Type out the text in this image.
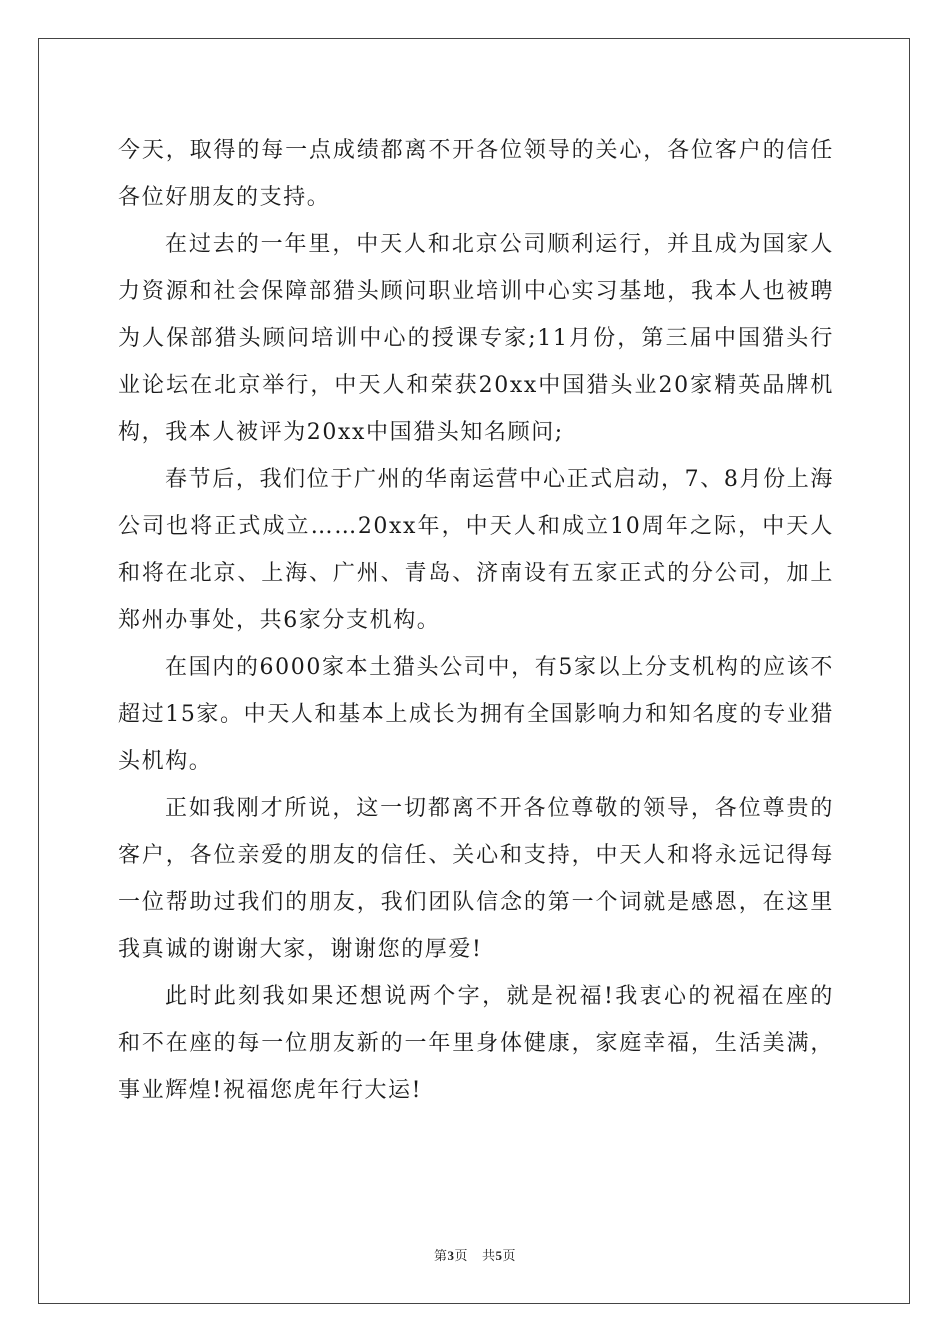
今天，取得的每一点成绩都离不开各位领导的关心，各位客户的信任各位好朋友的支持。

在过去的一年里，中天人和北京公司顺利运行，并且成为国家人力资源和社会保障部猎头顾问职业培训中心实习基地，我本人也被聘为人保部猎头顾问培训中心的授课专家;11月份，第三届中国猎头行业论坛在北京举行，中天人和荣获20xx中国猎头业20家精英品牌机构，我本人被评为20xx中国猎头知名顾问;

春节后，我们位于广州的华南运营中心正式启动，7、8月份上海公司也将正式成立……20xx年，中天人和成立10周年之际，中天人和将在北京、上海、广州、青岛、济南设有五家正式的分公司，加上郑州办事处，共6家分支机构。

在国内的6000家本土猎头公司中，有5家以上分支机构的应该不超过15家。中天人和基本上成长为拥有全国影响力和知名度的专业猎头机构。

正如我刚才所说，这一切都离不开各位尊敬的领导，各位尊贵的客户，各位亲爱的朋友的信任、关心和支持，中天人和将永远记得每一位帮助过我们的朋友，我们团队信念的第一个词就是感恩，在这里我真诚的谢谢大家，谢谢您的厚爱!

此时此刻我如果还想说两个字，就是祝福!我衷心的祝福在座的和不在座的每一位朋友新的一年里身体健康，家庭幸福，生活美满，事业辉煌!祝福您虎年行大运!

第3页 共5页
